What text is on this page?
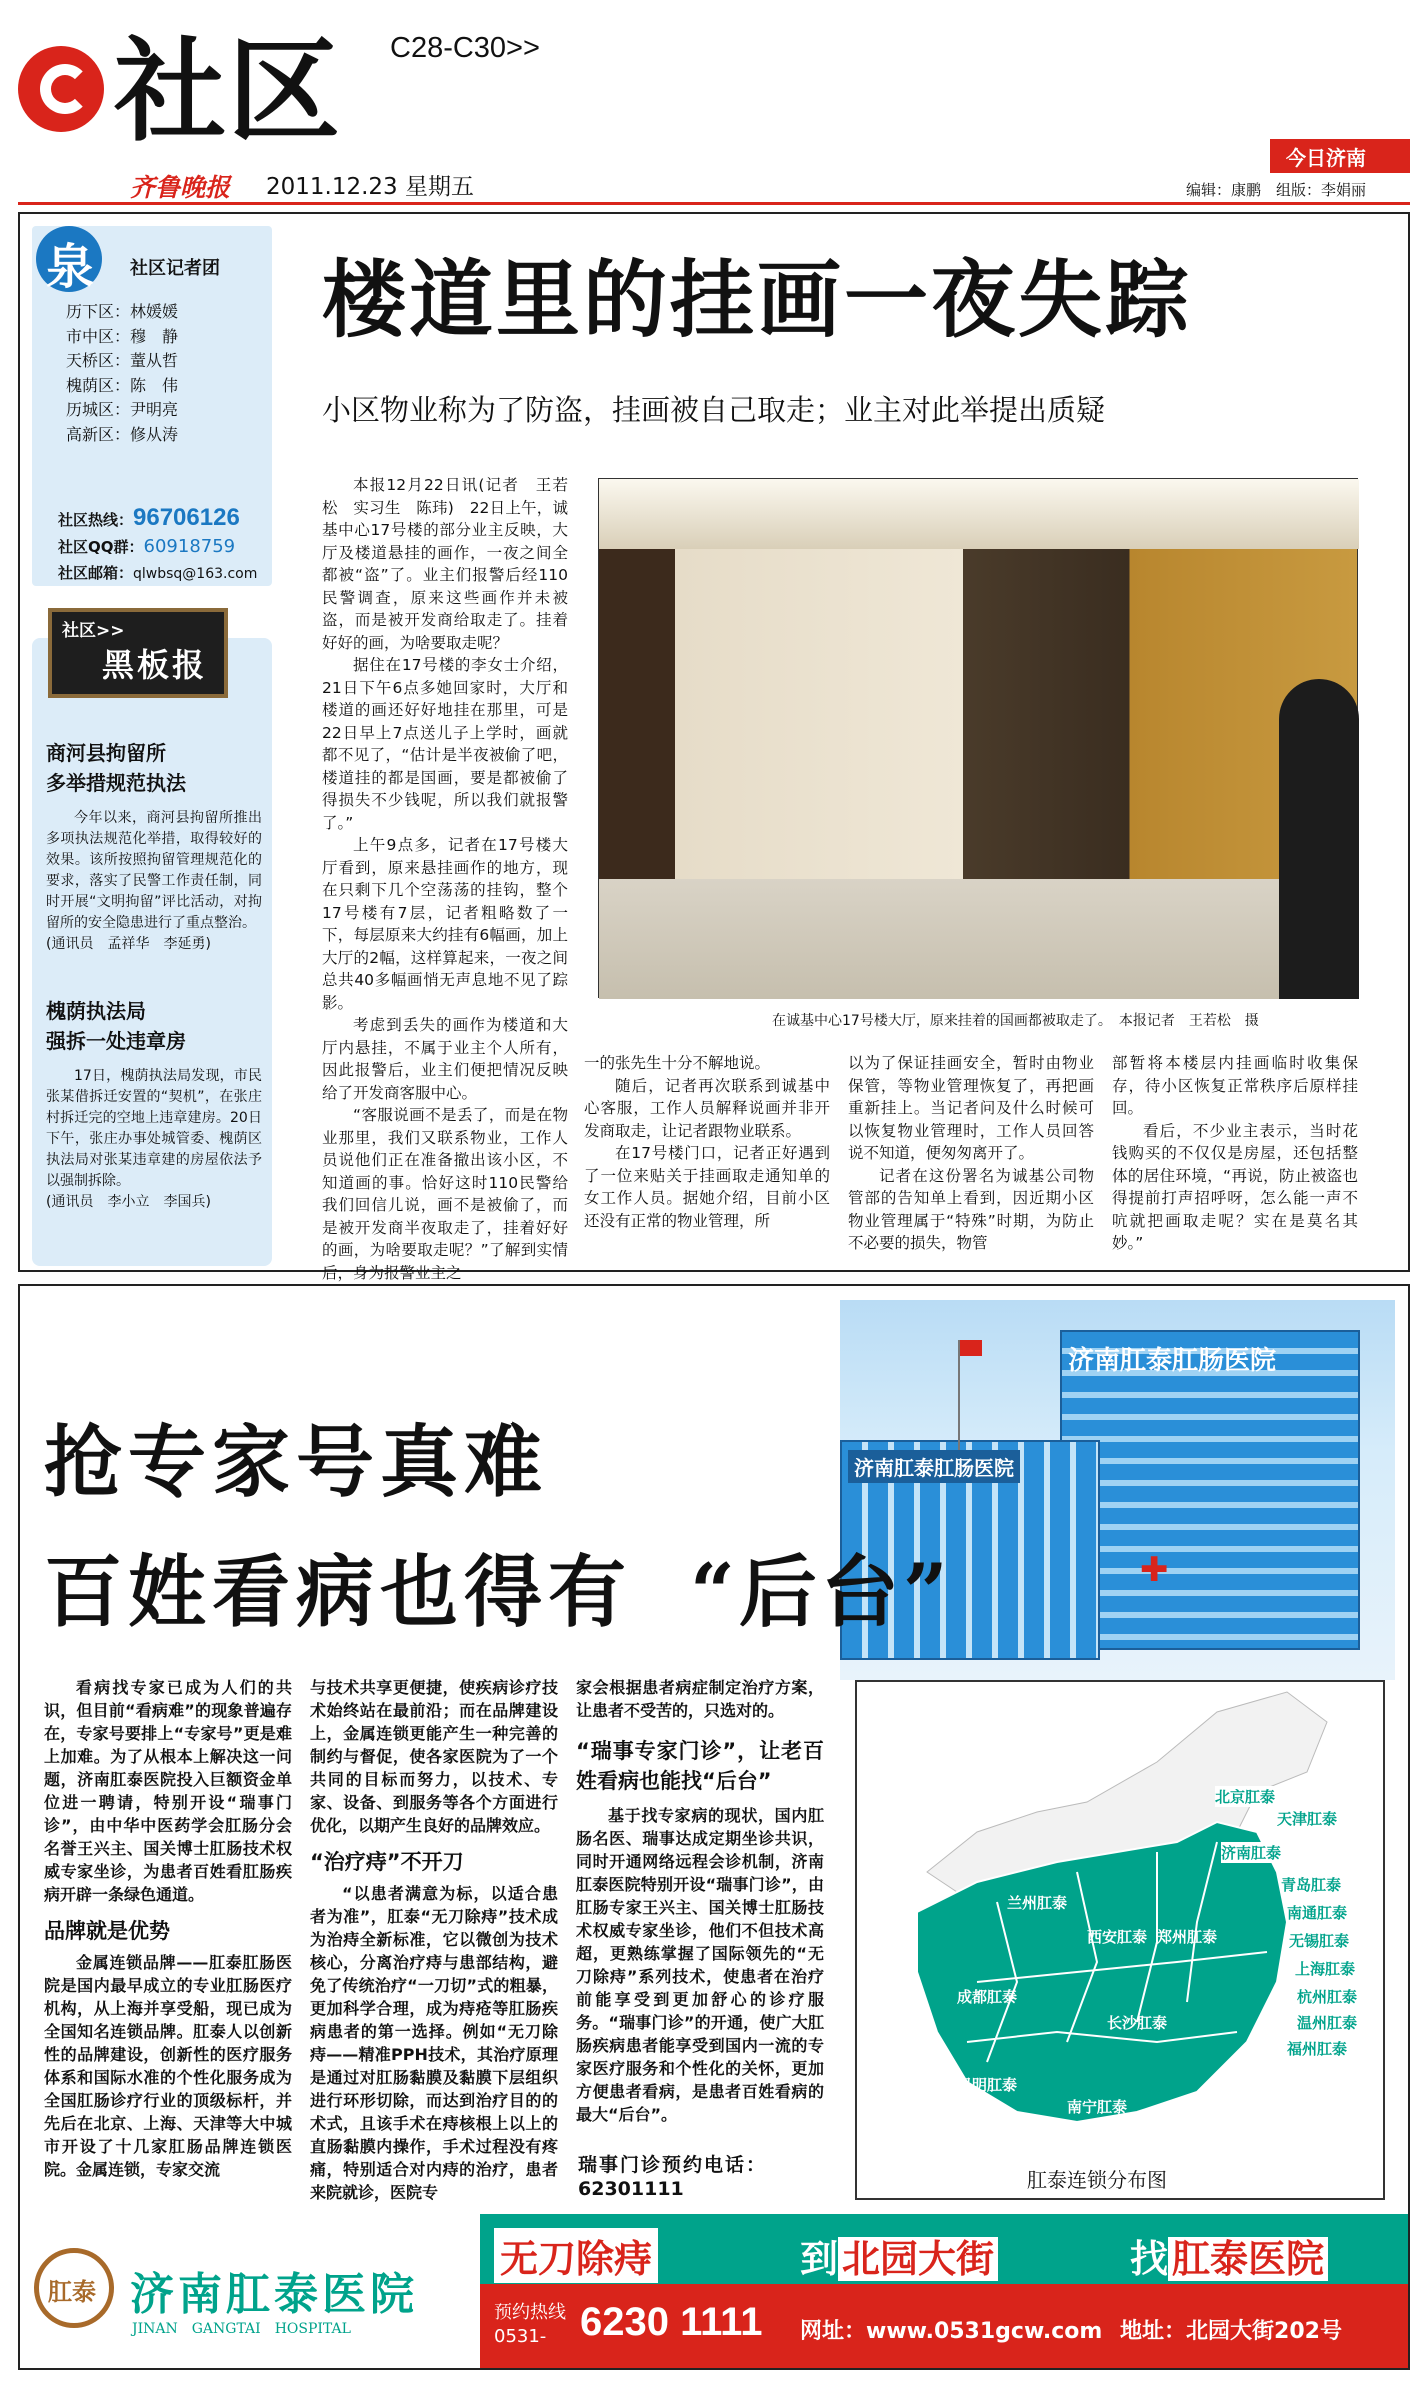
社区 C28-C30>>
齐鲁晚报 2011.12.23 星期五
今日济南
编辑：康鹏　组版：李娟丽
泉 社区记者团
历下区：林媛媛
市中区：穆　静
天桥区：蕫从哲
槐荫区：陈　伟
历城区：尹明亮
高新区：修从涛
社区热线：96706126
社区QQ群：60918759
社区邮箱：qlwbsq@163.com
社区>>
黑板报
商河县拘留所
多举措规范执法
今年以来，商河县拘留所推出多项执法规范化举措，取得较好的效果。该所按照拘留管理规范化的要求，落实了民警工作责任制，同时开展“文明拘留”评比活动，对拘留所的安全隐患进行了重点整治。
(通讯员　孟祥华　李延勇)
槐荫执法局
强拆一处违章房
17日，槐荫执法局发现，市民张某借拆迁安置的“契机”，在张庄村拆迁完的空地上违章建房。20日下午，张庄办事处城管委、槐荫区执法局对张某违章建的房屋依法予以强制拆除。
(通讯员　李小立　李国兵)
楼道里的挂画一夜失踪
小区物业称为了防盗，挂画被自己取走；业主对此举提出质疑
在诚基中心17号楼大厅，原来挂着的国画都被取走了。　本报记者　王若松　摄

本报12月22日讯(记者　王若松　实习生　陈玮)　22日上午，诚基中心17号楼的部分业主反映，大厅及楼道悬挂的画作，一夜之间全都被“盗”了。业主们报警后经110民警调查，原来这些画作并未被盗，而是被开发商给取走了。挂着好好的画，为啥要取走呢？

据住在17号楼的李女士介绍，21日下午6点多她回家时，大厅和楼道的画还好好地挂在那里，可是22日早上7点送儿子上学时，画就都不见了，“估计是半夜被偷了吧，楼道挂的都是国画，要是都被偷了得损失不少钱呢，所以我们就报警了。”

上午9点多，记者在17号楼大厅看到，原来悬挂画作的地方，现在只剩下几个空荡荡的挂钩，整个17号楼有7层，记者粗略数了一下，每层原来大约挂有6幅画，加上大厅的2幅，这样算起来，一夜之间总共40多幅画悄无声息地不见了踪影。

考虑到丢失的画作为楼道和大厅内悬挂，不属于业主个人所有，因此报警后，业主们便把情况反映给了开发商客服中心。

“客服说画不是丢了，而是在物业那里，我们又联系物业，工作人员说他们正在准备撤出该小区，不知道画的事。恰好这时110民警给我们回信儿说，画不是被偷了，而是被开发商半夜取走了，挂着好好的画，为啥要取走呢？”了解到实情后，身为报警业主之

一的张先生十分不解地说。

随后，记者再次联系到诚基中心客服，工作人员解释说画并非开发商取走，让记者跟物业联系。

在17号楼门口，记者正好遇到了一位来贴关于挂画取走通知单的女工作人员。据她介绍，目前小区还没有正常的物业管理，所

以为了保证挂画安全，暂时由物业保管，等物业管理恢复了，再把画重新挂上。当记者问及什么时候可以恢复物业管理时，工作人员回答说不知道，便匆匆离开了。

记者在这份署名为诚基公司物管部的告知单上看到，因近期小区物业管理属于“特殊”时期，为防止不必要的损失，物管

部暂将本楼层内挂画临时收集保存，待小区恢复正常秩序后原样挂回。

看后，不少业主表示，当时花钱购买的不仅仅是房屋，还包括整体的居住环境，“再说，防止被盗也得提前打声招呼呀，怎么能一声不吭就把画取走呢？实在是莫名其妙。”

济南肛泰肛肠医院
济南肛泰肛肠医院
✚
抢专家号真难
百姓看病也得有 “后台”

看病找专家已成为人们的共识，但目前“看病难”的现象普遍存在，专家号要排上“专家号”更是难上加难。为了从根本上解决这一问题，济南肛泰医院投入巨额资金单位进一聘请，特别开设“瑞事门诊”，由中华中医药学会肛肠分会名誉王兴主、国关博士肛肠技术权威专家坐诊，为患者百姓看肛肠疾病开辟一条绿色通道。

品牌就是优势

金属连锁品牌——肛泰肛肠医院是国内最早成立的专业肛肠医疗机构，从上海并享受船，现已成为全国知名连锁品牌。肛泰人以创新性的品牌建设，创新性的医疗服务体系和国际水准的个性化服务成为全国肛肠诊疗行业的顶级标杆，并先后在北京、上海、天津等大中城市开设了十几家肛肠品牌连锁医院。金属连锁，专家交流

与技术共享更便捷，使疾病诊疗技术始终站在最前沿；而在品牌建设上，金属连锁更能产生一种完善的制约与督促，使各家医院为了一个共同的目标而努力，以技术、专家、设备、到服务等各个方面进行优化，以期产生良好的品牌效应。

“治疗痔”不开刀

“以患者满意为标，以适合患者为准”，肛泰“无刀除痔”技术成为治痔全新标准，它以微创为技术核心，分离治疗痔与患部结构，避免了传统治疗“一刀切”式的粗暴，更加科学合理，成为痔疮等肛肠疾病患者的第一选择。例如“无刀除痔——精准PPH技术，其治疗原理是通过对肛肠黏膜及黏膜下层组织进行环形切除，而达到治疗目的的术式，且该手术在痔核根上以上的直肠黏膜内操作，手术过程没有疼痛，特别适合对内痔的治疗，患者来院就诊，医院专

家会根据患者病症制定治疗方案，让患者不受苦的，只选对的。

“瑞事专家门诊”，让老百姓看病也能找“后台”

基于找专家病的现状，国内肛肠名医、瑞事达成定期坐诊共识，同时开通网络远程会诊机制，济南肛泰医院特别开设“瑞事门诊”，由肛肠专家王兴主、国关博士肛肠技术权威专家坐诊，他们不但技术高超，更熟练掌握了国际领先的“无刀除痔”系列技术，使患者在治疗前能享受到更加舒心的诊疗服务。“瑞事门诊”的开通，使广大肛肠疾病患者能享受到国内一流的专家医疗服务和个性化的关怀，更加方便患者看病，是患者百姓看病的最大“后台”。

瑞事门诊预约电话：
62301111
北京肛泰
天津肛泰
济南肛泰
青岛肛泰
南通肛泰
无锡肛泰
上海肛泰
杭州肛泰
温州肛泰
福州肛泰
兰州肛泰
西安肛泰 郑州肛泰
成都肛泰
长沙肛泰
昆明肛泰
南宁肛泰
肛泰连锁分布图
肛泰 济南肛泰医院
JINAN　GANGTAI　HOSPITAL
无刀除痔	到 北园大街	找 肛泰医院
预约热线
0531- 6230 1111 网址：www.0531gcw.com 地址：北园大街202号
